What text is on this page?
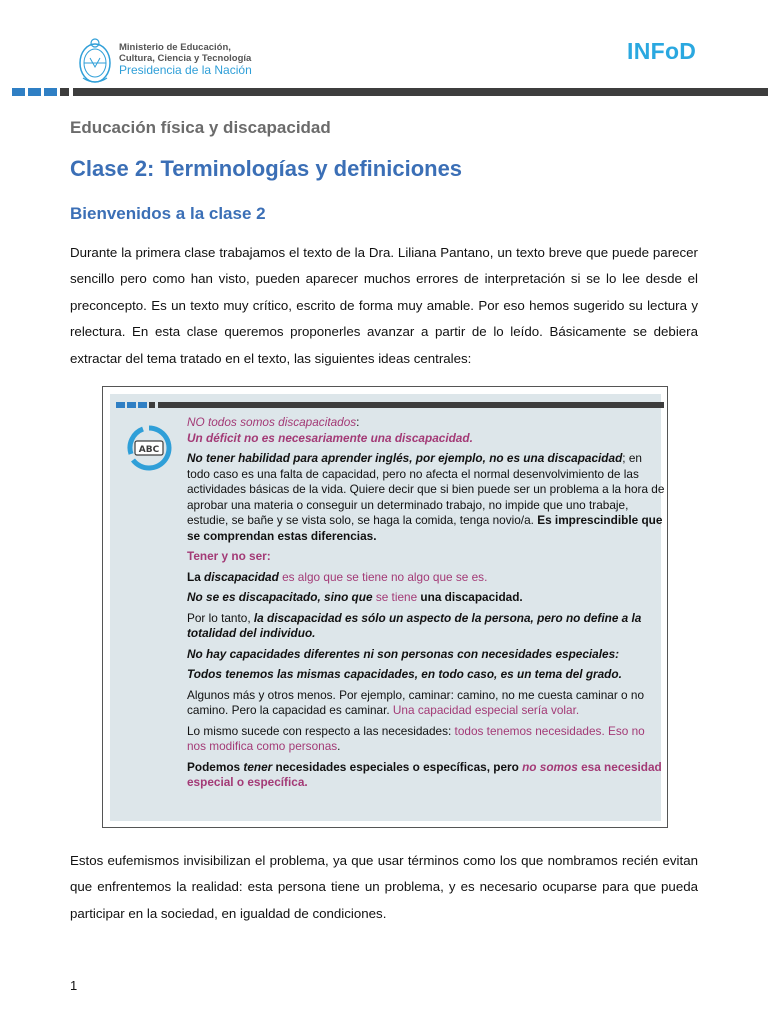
Ministerio de Educación,
Cultura, Ciencia y Tecnología
Presidencia de la Nación
INFoD
Educación física y discapacidad
Clase 2: Terminologías y definiciones
Bienvenidos a la clase 2
Durante la primera clase trabajamos el texto de la Dra. Liliana Pantano, un texto breve que puede parecer sencillo pero como han visto, pueden aparecer muchos errores de interpretación si se lo lee desde el preconcepto. Es un texto muy crítico, escrito de forma muy amable. Por eso hemos sugerido su lectura y relectura. En esta clase queremos proponerles avanzar a partir de lo leído. Básicamente se debiera extractar del tema tratado en el texto, las siguientes ideas centrales:
ABC

NO todos somos discapacitados:
Un déficit no es necesariamente una discapacidad.

No tener habilidad para aprender inglés, por ejemplo, no es una discapacidad; en todo caso es una falta de capacidad, pero no afecta el normal desenvolvimiento de las actividades básicas de la vida. Quiere decir que si bien puede ser un problema a la hora de aprobar una materia o conseguir un determinado trabajo, no impide que uno trabaje, estudie, se bañe y se vista solo, se haga la comida, tenga novio/a. Es imprescindible que se comprendan estas diferencias.

Tener y no ser:

La discapacidad es algo que se tiene no algo que se es.

No se es discapacitado, sino que se tiene una discapacidad.

Por lo tanto, la discapacidad es sólo un aspecto de la persona, pero no define a la totalidad del individuo.

No hay capacidades diferentes ni son personas con necesidades especiales:

Todos tenemos las mismas capacidades, en todo caso, es un tema del grado.

Algunos más y otros menos. Por ejemplo, caminar: camino, no me cuesta caminar o no camino. Pero la capacidad es caminar. Una capacidad especial sería volar.

Lo mismo sucede con respecto a las necesidades: todos tenemos necesidades. Eso no nos modifica como personas.

Podemos tener necesidades especiales o específicas, pero no somos esa necesidad especial o específica.

Estos eufemismos invisibilizan el problema, ya que usar términos como los que nombramos recién evitan que enfrentemos la realidad: esta persona tiene un problema, y es necesario ocuparse para que pueda participar en la sociedad, en igualdad de condiciones.
1
